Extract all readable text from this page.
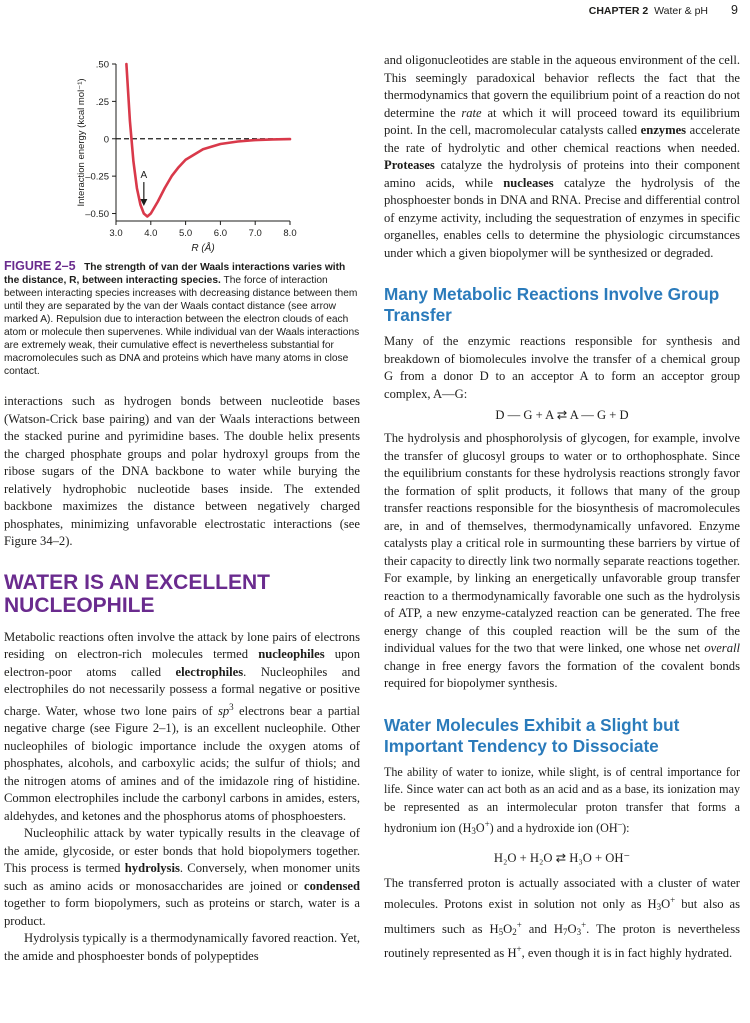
CHAPTER 2 Water & pH 9
.50
.25
0
–0.25
–0.50
3.0 4.0 5.0 6.0 7.0 8.0
R (Å)
Interaction energy (kcal mol⁻¹)	A

FIGURE 2–5 The strength of van der Waals interactions varies with the distance, R, between interacting species. The force of interaction between interacting species increases with decreasing distance between them until they are separated by the van der Waals contact distance (see arrow marked A). Repulsion due to interaction between the electron clouds of each atom or molecule then supervenes. While individual van der Waals interactions are extremely weak, their cumulative effect is nevertheless substantial for macromolecules such as DNA and proteins which have many atoms in close contact.

interactions such as hydrogen bonds between nucleotide bases (Watson-Crick base pairing) and van der Waals interactions between the stacked purine and pyrimidine bases. The double helix presents the charged phosphate groups and polar hydroxyl groups from the ribose sugars of the DNA backbone to water while burying the relatively hydrophobic nucleotide bases inside. The extended backbone maximizes the distance between negatively charged phosphates, minimizing unfavorable electrostatic interactions (see Figure 34–2).

WATER IS AN EXCELLENT NUCLEOPHILE

Metabolic reactions often involve the attack by lone pairs of electrons residing on electron-rich molecules termed nucleophiles upon electron-poor atoms called electrophiles. Nucleophiles and electrophiles do not necessarily possess a formal negative or positive charge. Water, whose two lone pairs of $sp^3$ electrons bear a partial negative charge (see Figure 2–1), is an excellent nucleophile. Other nucleophiles of biologic importance include the oxygen atoms of phosphates, alcohols, and carboxylic acids; the sulfur of thiols; and the nitrogen atoms of amines and of the imidazole ring of histidine. Common electrophiles include the carbonyl carbons in amides, esters, aldehydes, and ketones and the phosphorus atoms of phosphoesters.

Nucleophilic attack by water typically results in the cleavage of the amide, glycoside, or ester bonds that hold biopolymers together. This process is termed hydrolysis. Conversely, when monomer units such as amino acids or monosaccharides are joined or condensed together to form biopolymers, such as proteins or starch, water is a product.

Hydrolysis typically is a thermodynamically favored reaction. Yet, the amide and phosphoester bonds of polypeptides

and oligonucleotides are stable in the aqueous environment of the cell. This seemingly paradoxical behavior reflects the fact that the thermodynamics that govern the equilibrium point of a reaction do not determine the rate at which it will proceed toward its equilibrium point. In the cell, macromolecular catalysts called enzymes accelerate the rate of hydrolytic and other chemical reactions when needed. Proteases catalyze the hydrolysis of proteins into their component amino acids, while nucleases catalyze the hydrolysis of the phosphoester bonds in DNA and RNA. Precise and differential control of enzyme activity, including the sequestration of enzymes in specific organelles, enables cells to determine the physiologic circumstances under which a given biopolymer will be synthesized or degraded.

Many Metabolic Reactions Involve Group Transfer

Many of the enzymic reactions responsible for synthesis and breakdown of biomolecules involve the transfer of a chemical group G from a donor D to an acceptor A to form an acceptor group complex, A—G:

D — G + A ⇄ A — G + D

The hydrolysis and phosphorolysis of glycogen, for example, involve the transfer of glucosyl groups to water or to orthophosphate. Since the equilibrium constants for these hydrolysis reactions strongly favor the formation of split products, it follows that many of the group transfer reactions responsible for the biosynthesis of macromolecules are, in and of themselves, thermodynamically unfavored. Enzyme catalysts play a critical role in surmounting these barriers by virtue of their capacity to directly link two normally separate reactions together. For example, by linking an energetically unfavorable group transfer reaction to a thermodynamically favorable one such as the hydrolysis of ATP, a new enzyme-catalyzed reaction can be generated. The free energy change of this coupled reaction will be the sum of the individual values for the two that were linked, one whose net overall change in free energy favors the formation of the covalent bonds required for biopolymer synthesis.

Water Molecules Exhibit a Slight but Important Tendency to Dissociate

The ability of water to ionize, while slight, is of central importance for life. Since water can act both as an acid and as a base, its ionization may be represented as an intermolecular proton transfer that forms a hydronium ion $(H_3O^+)$ and a hydroxide ion (OH–):

H₂O + H₂O ⇄ H₃O + OH⁻

The transferred proton is actually associated with a cluster of water molecules. Protons exist in solution not only as $H_3O^+$ but also as multimers such as $H_5O_2^+$ and $H_7O_3^+$. The proton is nevertheless routinely represented as H+, even though it is in fact highly hydrated.
